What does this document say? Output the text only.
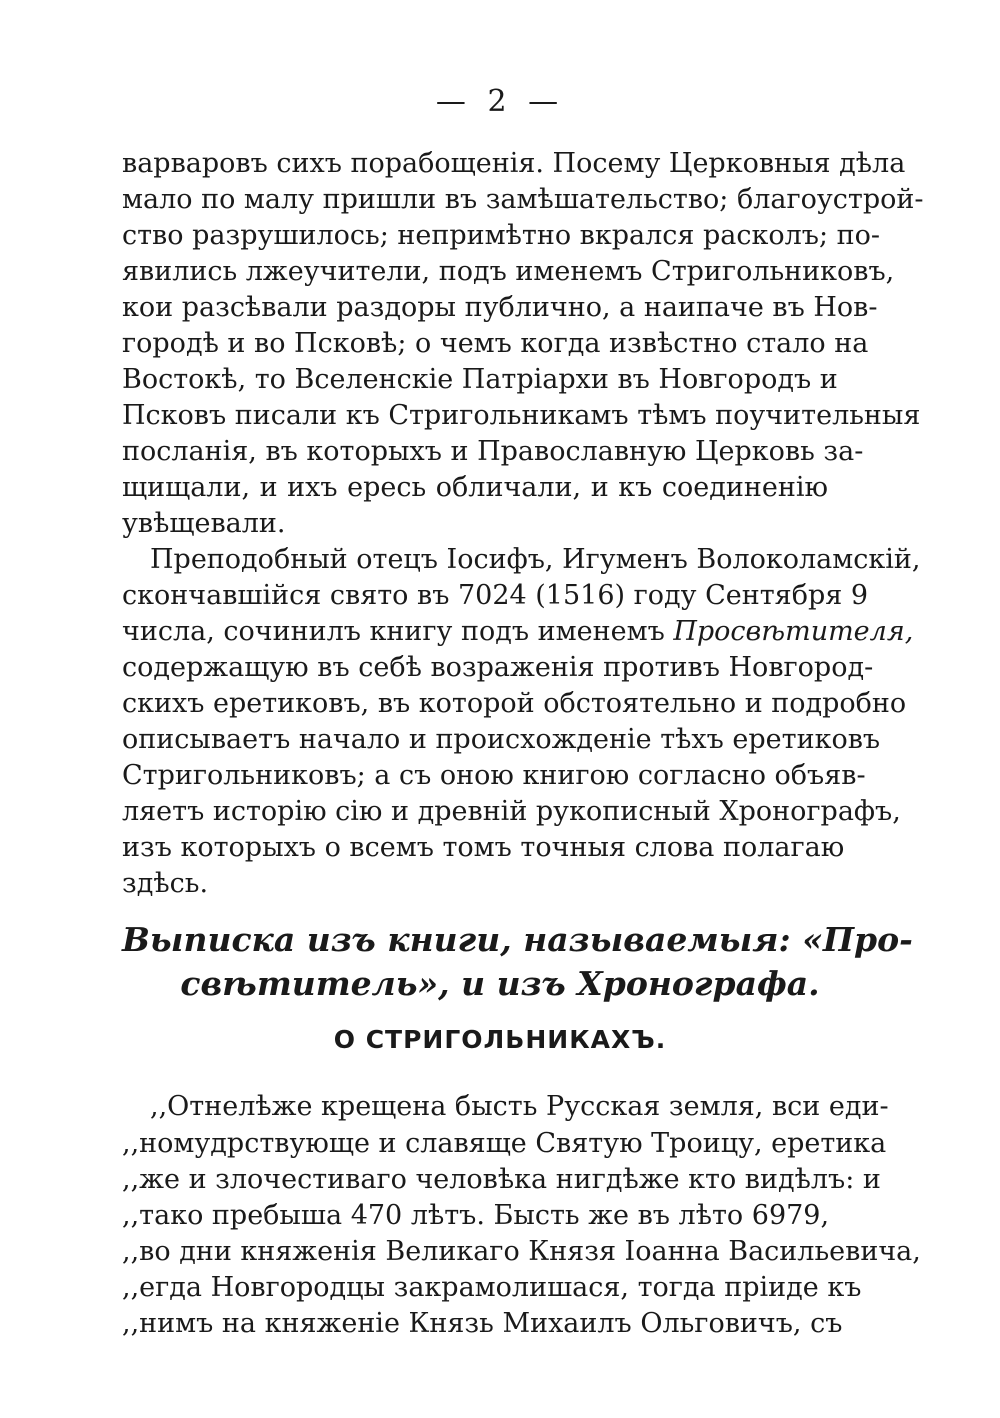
— 2 —
варваровъ сихъ порабощенія. Посему Церковныя дѣла
мало по малу пришли въ замѣшательство; благоустрой-
ство разрушилось; непримѣтно вкрался расколъ; по-
явились лжеучители, подъ именемъ Стригольниковъ,
кои разсѣвали раздоры публично, а наипаче въ Нов-
городѣ и во Псковѣ; о чемъ когда извѣстно стало на
Востокѣ, то Вселенскіе Патріархи въ Новгородъ и
Псковъ писали къ Стригольникамъ тѣмъ поучительныя
посланія, въ которыхъ и Православную Церковь за-
щищали, и ихъ ересь обличали, и къ соединенію
увѣщевали.
Преподобный отецъ Іосифъ, Игуменъ Волоколамскій,
скончавшійся свято въ 7024 (1516) году Сентября 9
числа, сочинилъ книгу подъ именемъ Просвѣтителя,
содержащую въ себѣ возраженія противъ Новгород-
скихъ еретиковъ, въ которой обстоятельно и подробно
описываетъ начало и происхожденіе тѣхъ еретиковъ
Стригольниковъ; а съ оною книгою согласно объяв-
ляетъ исторію сію и древній рукописный Хронографъ,
изъ которыхъ о всемъ томъ точныя слова полагаю
здѣсь.
Выписка изъ книги, называемыя: «Про-
свѣтитель», и изъ Хронографа.
О СТРИГОЛЬНИКАХЪ.
,,Отнелѣже крещена бысть Русская земля, вси еди-
,,номудрствующе и славяще Святую Троицу, еретика
,,же и злочестиваго человѣка нигдѣже кто видѣлъ: и
,,тако пребыша 470 лѣтъ. Бысть же въ лѣто 6979,
,,во дни княженія Великаго Князя Іоанна Васильевича,
,,егда Новгородцы закрамолишася, тогда пріиде къ
,,нимъ на княженіе Князь Михаилъ Ольговичъ, съ
